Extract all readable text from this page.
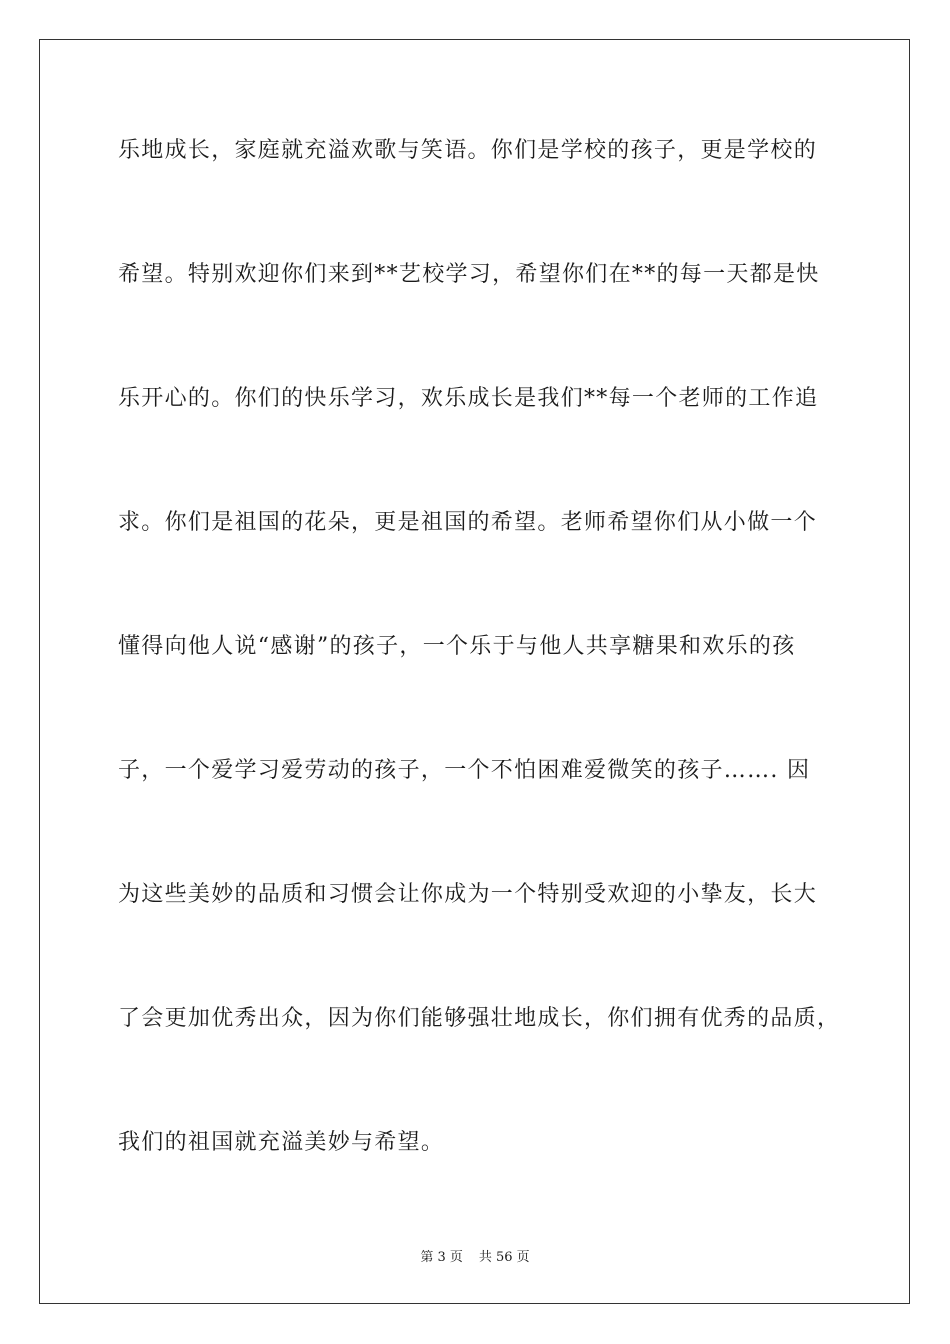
乐地成长，家庭就充溢欢歌与笑语。你们是学校的孩子，更是学校的
希望。特别欢迎你们来到**艺校学习，希望你们在**的每一天都是快
乐开心的。你们的快乐学习，欢乐成长是我们**每一个老师的工作追
求。你们是祖国的花朵，更是祖国的希望。老师希望你们从小做一个
懂得向他人说“感谢”的孩子，一个乐于与他人共享糖果和欢乐的孩
子，一个爱学习爱劳动的孩子，一个不怕困难爱微笑的孩子……. 因
为这些美妙的品质和习惯会让你成为一个特别受欢迎的小挚友，长大
了会更加优秀出众，因为你们能够强壮地成长，你们拥有优秀的品质，
我们的祖国就充溢美妙与希望。
第 3 页 共 56 页
